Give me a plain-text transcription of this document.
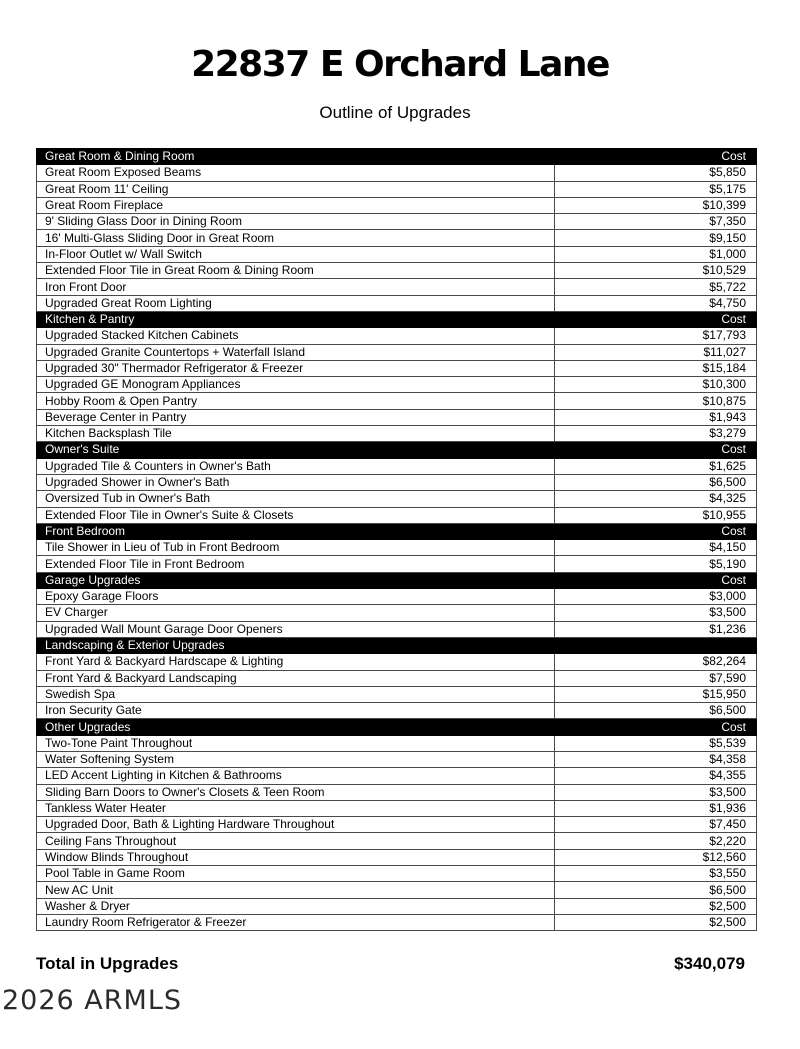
22837 E Orchard Lane
Outline of Upgrades
Great Room & Dining Room	Cost
Great Room Exposed Beams	$5,850
Great Room 11' Ceiling	$5,175
Great Room Fireplace	$10,399
9' Sliding Glass Door in Dining Room	$7,350
16' Multi-Glass Sliding Door in Great Room	$9,150
In-Floor Outlet w/ Wall Switch	$1,000
Extended Floor Tile in Great Room & Dining Room	$10,529
Iron Front Door	$5,722
Upgraded Great Room Lighting	$4,750
Kitchen & Pantry	Cost
Upgraded Stacked Kitchen Cabinets	$17,793
Upgraded Granite Countertops + Waterfall Island	$11,027
Upgraded 30" Thermador Refrigerator & Freezer	$15,184
Upgraded GE Monogram Appliances	$10,300
Hobby Room & Open Pantry	$10,875
Beverage Center in Pantry	$1,943
Kitchen Backsplash Tile	$3,279
Owner's Suite	Cost
Upgraded Tile & Counters in Owner's Bath	$1,625
Upgraded Shower in Owner's Bath	$6,500
Oversized Tub in Owner's Bath	$4,325
Extended Floor Tile in Owner's Suite & Closets	$10,955
Front Bedroom	Cost
Tile Shower in Lieu of Tub in Front Bedroom	$4,150
Extended Floor Tile in Front Bedroom	$5,190
Garage Upgrades	Cost
Epoxy Garage Floors	$3,000
EV Charger	$3,500
Upgraded Wall Mount Garage Door Openers	$1,236
Landscaping & Exterior Upgrades	
Front Yard & Backyard Hardscape & Lighting	$82,264
Front Yard & Backyard Landscaping	$7,590
Swedish Spa	$15,950
Iron Security Gate	$6,500
Other Upgrades	Cost
Two-Tone Paint Throughout	$5,539
Water Softening System	$4,358
LED Accent Lighting in Kitchen & Bathrooms	$4,355
Sliding Barn Doors to Owner's Closets & Teen Room	$3,500
Tankless Water Heater	$1,936
Upgraded Door, Bath & Lighting Hardware Throughout	$7,450
Ceiling Fans Throughout	$2,220
Window Blinds Throughout	$12,560
Pool Table in Game Room	$3,550
New AC Unit	$6,500
Washer & Dryer	$2,500
Laundry Room Refrigerator & Freezer	$2,500
Total in Upgrades	$340,079
2026 ARMLS
